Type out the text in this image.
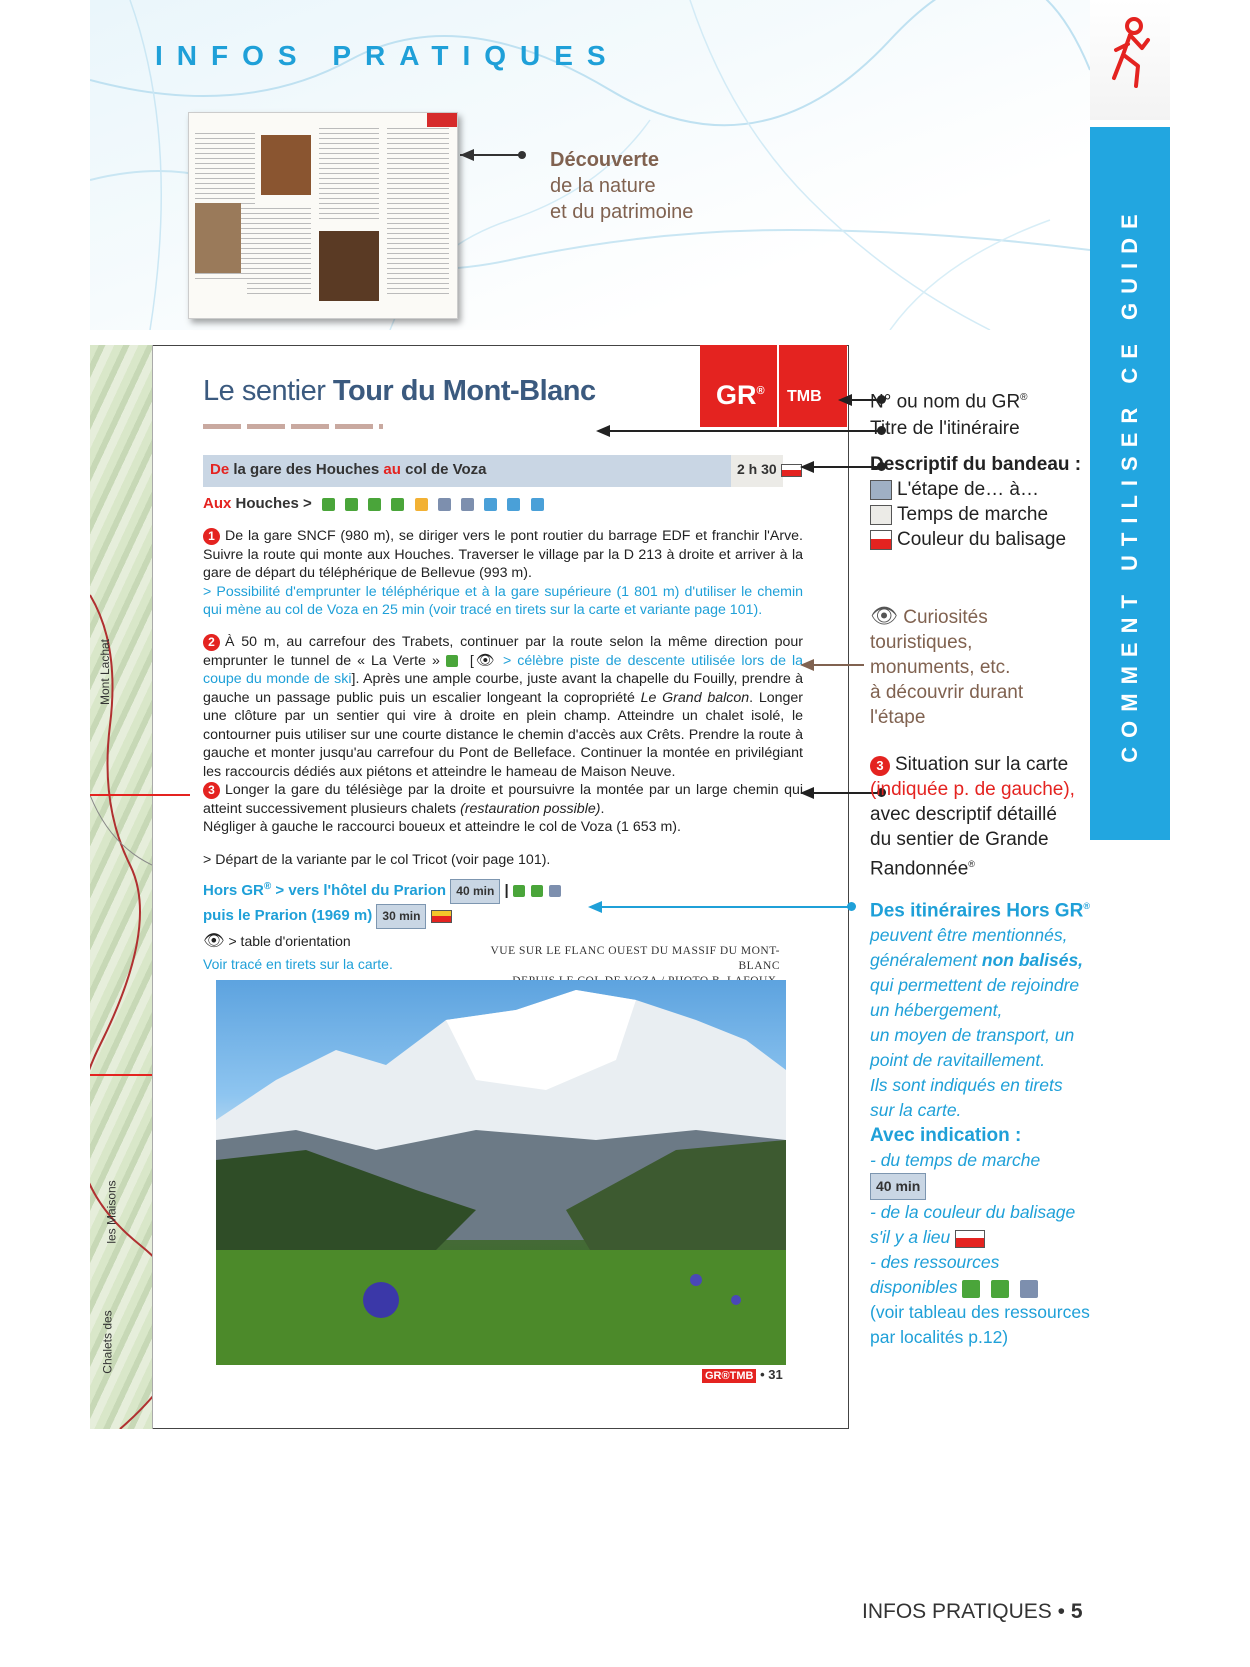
INFOS PRATIQUES
COMMENT UTILISER CE GUIDE
Découverte
de la nature
et du patrimoine
Mont Lachat
les Maisons
Chalets des
GR® TMB
Le sentier Tour du Mont-Blanc
De la gare des Houches au col de Voza	2 h 30
Aux Houches >
1 De la gare SNCF (980 m), se diriger vers le pont routier du barrage EDF et franchir l'Arve. Suivre la route qui monte aux Houches. Traverser le village par la D 213 à droite et arriver à la gare de départ du téléphérique de Bellevue (993 m).
> Possibilité d'emprunter le téléphérique et à la gare supérieure (1 801 m) d'utiliser le chemin qui mène au col de Voza en 25 min (voir tracé en tirets sur la carte et variante page 101).
2 À 50 m, au carrefour des Trabets, continuer par la route selon la même direction pour emprunter le tunnel de « La Verte »  [👁 > célèbre piste de descente utilisée lors de la coupe du monde de ski]. Après une ample courbe, juste avant la chapelle du Fouilly, prendre à gauche un passage public puis un escalier longeant la copropriété Le Grand balcon. Longer une clôture par un sentier qui vire à droite en plein champ. Atteindre un chalet isolé, le contourner puis utiliser sur une courte distance le chemin d'accès aux Crêts. Prendre la route à gauche et monter jusqu'au carrefour du Pont de Belleface. Continuer la montée en privilégiant les raccourcis dédiés aux piétons et atteindre le hameau de Maison Neuve.
3 Longer la gare du télésiège par la droite et poursuivre la montée par un large chemin qui atteint successivement plusieurs chalets (restauration possible).
Négliger à gauche le raccourci boueux et atteindre le col de Voza (1 653 m).
> Départ de la variante par le col Tricot (voir page 101).
Hors GR® > vers l'hôtel du Prarion 40 min |
puis le Prarion (1969 m) 30 min
👁 > table d'orientation
Voir tracé en tirets sur la carte.
VUE SUR LE FLANC OUEST DU MASSIF DU MONT-BLANC
GR®TMB • 31
N° ou nom du GR®
Titre de l'itinéraire
Descriptif du bandeau :
L'étape de… à…
Temps de marche
Couleur du balisage
👁 Curiosités
touristiques,
monuments, etc.
à découvrir durant
l'étape
3 Situation sur la carte
(indiquée p. de gauche),
avec descriptif détaillé
du sentier de Grande
Randonnée®
Des itinéraires Hors GR®
peuvent être mentionnés,
généralement non balisés,
qui permettent de rejoindre
un hébergement,
un moyen de transport, un
point de ravitaillement.
Ils sont indiqués en tirets
sur la carte.
Avec indication :
- du temps de marche 40 min
- de la couleur du balisage
s'il y a lieu
- des ressources
disponibles
(voir tableau des ressources
par localités p.12)
INFOS PRATIQUES • 5
